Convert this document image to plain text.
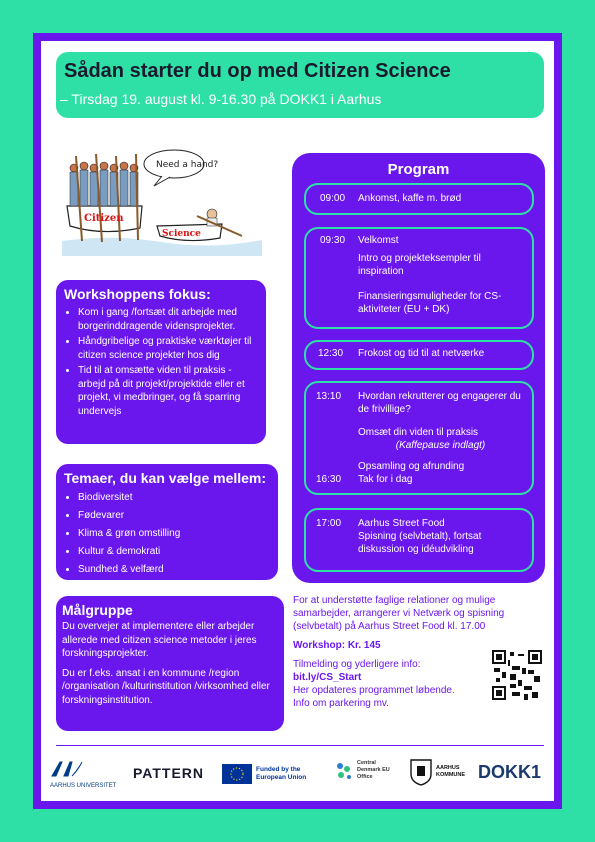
Sådan starter du op med Citizen Science
– Tirsdag 19. august kl. 9-16.30 på DOKK1 i Aarhus
Citizen
Science
Need a hand?
Workshoppens fokus:
• Kom i gang /fortsæt dit arbejde med borgerinddragende vidensprojekter.
• Håndgribelige og praktiske værktøjer til citizen science projekter hos dig
• Tid til at omsætte viden til praksis - arbejd på dit projekt/projektide eller et projekt, vi medbringer, og få sparring undervejs
Temaer, du kan vælge mellem:
• Biodiversitet
• Fødevarer
• Klima & grøn omstilling
• Kultur & demokrati
• Sundhed & velfærd
Målgruppe

Du overvejer at implementere eller arbejder allerede med citizen science metoder i jeres forskningsprojekter.

Du er f.eks. ansat i en kommune /region /organisation /kulturinstitution /virksomhed eller forskningsinstitution.

Program
09:00 Ankomst, kaffe m. brød
09:30 Velkomst
Intro og projekteksempler til inspiration
Finansieringsmuligheder for CS-aktiviteter (EU + DK)
12:30 Frokost og tid til at netværke
13:10 Hvordan rekrutterer og engagerer du de frivillige?
Omsæt din viden til praksis
(Kaffepause indlagt)
Opsamling og afrunding
16:30 Tak for i dag
17:00 Aarhus Street Food
Spisning (selvbetalt), fortsat diskussion og idéudvikling
For at understøtte faglige relationer og mulige samarbejder, arrangerer vi Netværk og spisning (selvbetalt) på Aarhus Street Food kl. 17.00
Workshop: Kr. 145
Tilmelding og yderligere info:
bit.ly/CS_Start
Her opdateres programmet løbende. Info om parkering mv.
AARHUS UNIVERSITET
PATTERN	Funded by the European Union
Central Denmark EU Office
AARHUS KOMMUNE DOKK1
